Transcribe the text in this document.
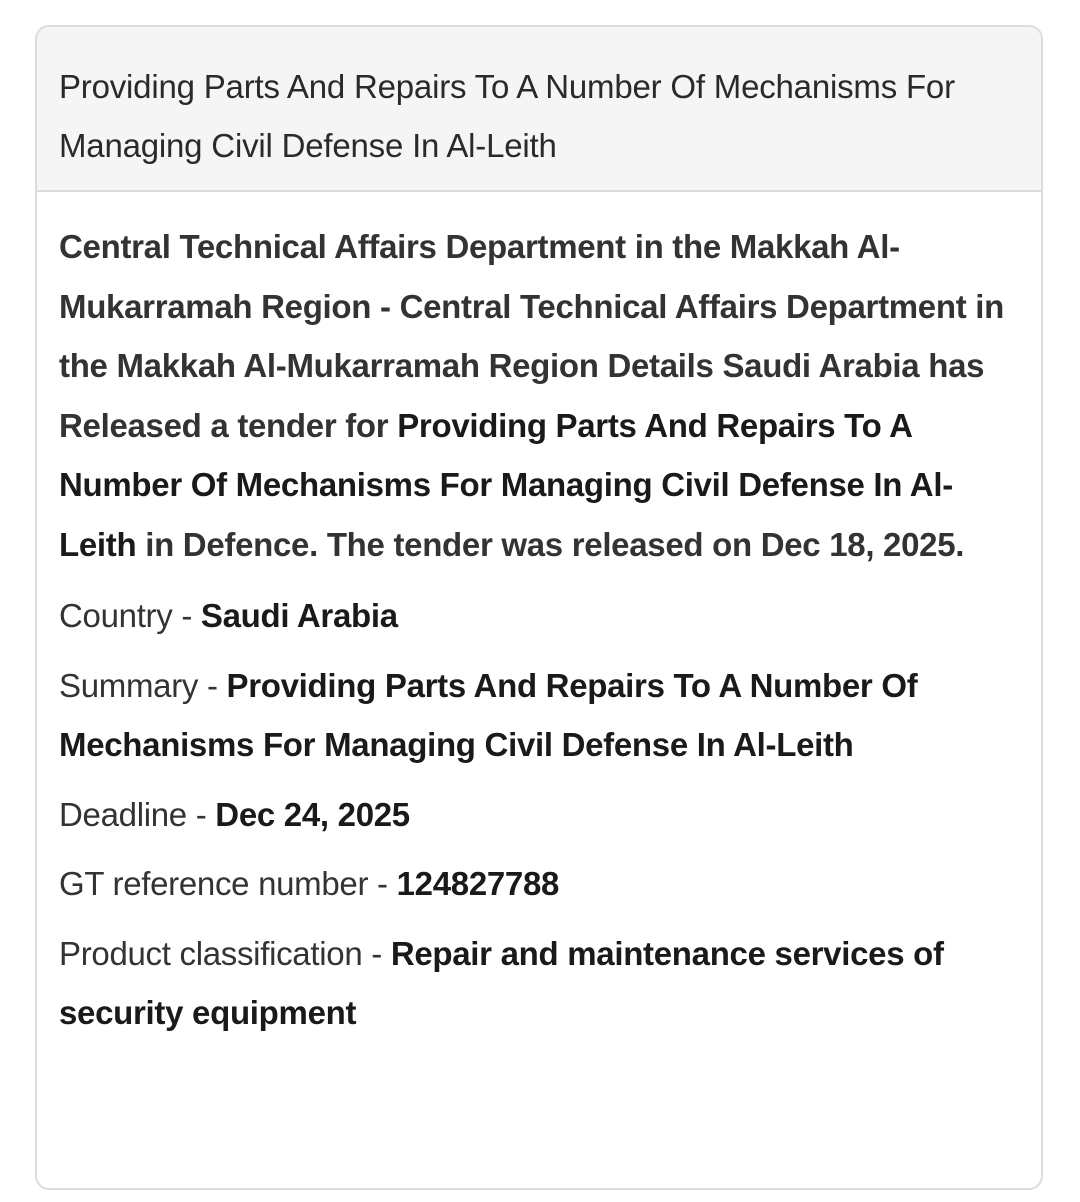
Providing Parts And Repairs To A Number Of Mechanisms For Managing Civil Defense In Al-Leith

Central Technical Affairs Department in the Makkah Al-Mukarramah Region - Central Technical Affairs Department in the Makkah Al-Mukarramah Region Details Saudi Arabia has Released a tender for Providing Parts And Repairs To A Number Of Mechanisms For Managing Civil Defense In Al-Leith in Defence. The tender was released on Dec 18, 2025.

Country - Saudi Arabia

Summary - Providing Parts And Repairs To A Number Of Mechanisms For Managing Civil Defense In Al-Leith

Deadline - Dec 24, 2025

GT reference number - 124827788

Product classification - Repair and maintenance services of security equipment
